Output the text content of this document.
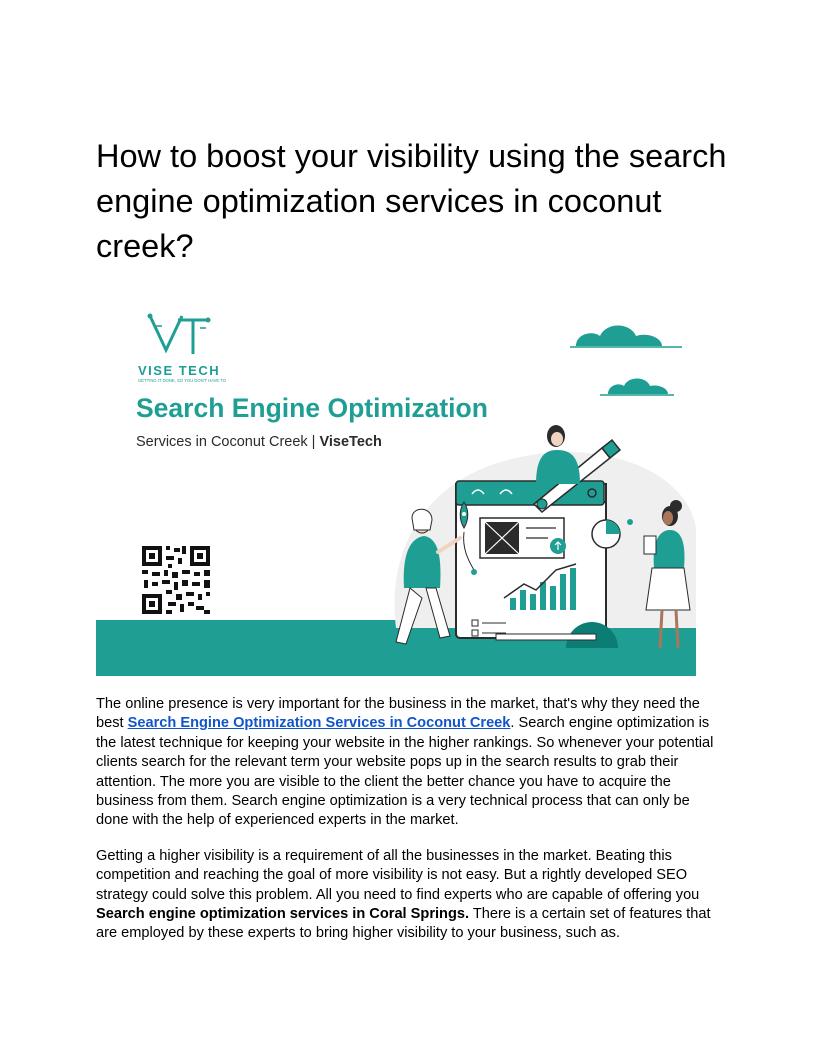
How to boost your visibility using the search engine optimization services in coconut creek?
VISE TECH
GETTING IT DONE, SO YOU DON'T HAVE TO
Search Engine Optimization
Services in Coconut Creek | ViseTech

The online presence is very important for the business in the market, that's why they need the best Search Engine Optimization Services in Coconut Creek. Search engine optimization is the latest technique for keeping your website in the higher rankings. So whenever your potential clients search for the relevant term your website pops up in the search results to grab their attention. The more you are visible to the client the better chance you have to acquire the business from them. Search engine optimization is a very technical process that can only be done with the help of experienced experts in the market.

Getting a higher visibility is a requirement of all the businesses in the market. Beating this competition and reaching the goal of more visibility is not easy. But a rightly developed SEO strategy could solve this problem. All you need to find experts who are capable of offering you Search engine optimization services in Coral Springs. There is a certain set of features that are employed by these experts to bring higher visibility to your business, such as.
